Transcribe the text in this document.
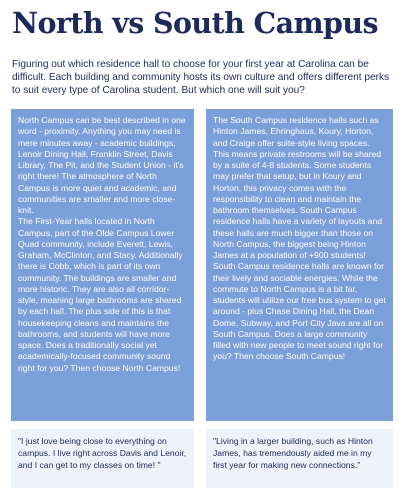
North vs South Campus

Figuring out which residence hall to choose for your first year at Carolina can be difficult. Each building and community hosts its own culture and offers different perks to suit every type of Carolina student. But which one will suit you?

North Campus can be best described in one word - proximity. Anything you may need is mere minutes away - academic buildings, Lenoir Dining Hall, Franklin Street, Davis Library, The Pit, and the Student Union - it's right there! The atmosphere of North Campus is more quiet and academic, and communities are smaller and more close-knit.

The First-Year halls located in North Campus, part of the Olde Campus Lower Quad community, include Everett, Lewis, Graham, McClinton, and Stacy. Additionally there is Cobb, which is part of its own community. The buildings are smaller and more historic. They are also all corridor-style, meaning large bathrooms are shared by each hall. The plus side of this is that housekeeping cleans and maintains the bathrooms, and students will have more space. Does a traditionally social yet academically-focused community sound right for you? Then choose North Campus!

The South Campus residence halls such as Hinton James, Ehringhaus, Koury, Horton, and Craige offer suite-style living spaces. This means private restrooms will be shared by a suite of 4-8 students. Some students may prefer that setup, but in Koury and Horton, this privacy comes with the responsibility to clean and maintain the bathroom themselves. South Campus residence halls have a variety of layouts and these halls are much bigger than those on North Campus, the biggest being Hinton James at a population of +900 students! South Campus residence halls are known for their lively and sociable energies. While the commute to North Campus is a bit far, students will utilize our free bus system to get around - plus Chase Dining Hall, the Dean Dome, Subway, and Port City Java are all on South Campus. Does a large community filled with new people to meet sound right for you? Then choose South Campus!

"I just love being close to everything on campus. I live right across Davis and Lenoir, and I can get to my classes on time! "

"Living in a larger building, such as Hinton James, has tremendously aided me in my first year for making new connections."
